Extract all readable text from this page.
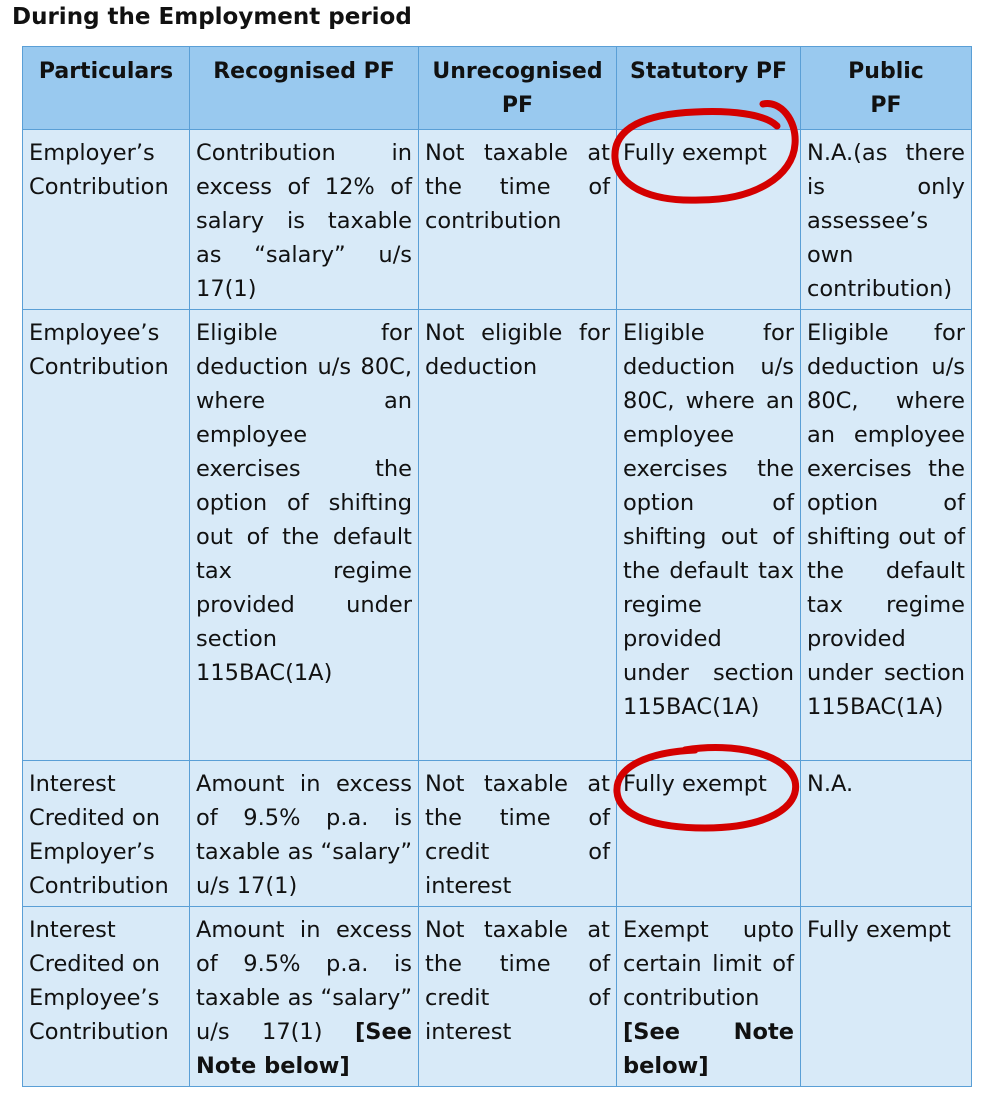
During the Employment period
Particulars	Recognised PF	Unrecognised PF	Statutory PF	Public PF
Employer’s Contribution	Contribution in excess of 12% of salary is taxable as “salary” u/s 17(1)	Not taxable at the time of contribution	Fully exempt	N.A.(as there is only assessee’s own contribution)
Employee’s Contribution	Eligible for deduction u/s 80C, where an employee exercises the option of shifting out of the default tax regime provided under section 115BAC(1A)	Not eligible for deduction	Eligible for deduction u/s 80C, where an employee exercises the option of shifting out of the default tax regime provided under section 115BAC(1A)	Eligible for deduction u/s 80C, where an employee exercises the option of shifting out of the default tax regime provided under section 115BAC(1A)
Interest Credited on Employer’s Contribution	Amount in excess of 9.5% p.a. is taxable as “salary” u/s 17(1)	Not taxable at the time of credit of interest	Fully exempt	N.A.
Interest Credited on Employee’s Contribution	Amount in excess of 9.5% p.a. is taxable as “salary” u/s 17(1) [See Note below]	Not taxable at the time of credit of interest	Exempt upto certain limit of contribution [See Note below]	Fully exempt
